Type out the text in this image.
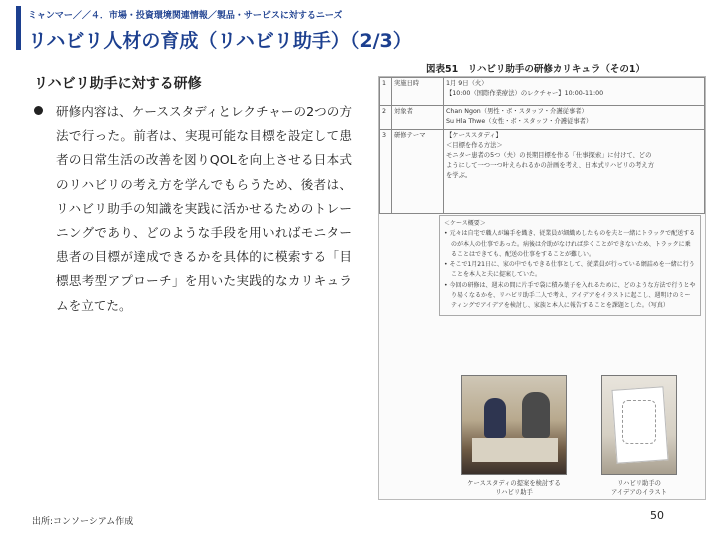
ミャンマー／／４．市場・投資環境関連情報／製品・サービスに対するニーズ
リハビリ人材の育成（リハビリ助手）（2/3）
リハビリ助手に対する研修

研修内容は、ケーススタディとレクチャーの2つの方法で行った。前者は、実現可能な目標を設定して患者の日常生活の改善を図りQOLを向上させる日本式のリハビリの考え方を学んでもらうため、後者は、リハビリ助手の知識を実践に活かせるためのトレーニングであり、どのような手段を用いればモニター患者の目標が達成できるかを具体的に模索する「目標思考型アプローチ」を用いた実践的なカリキュラムを立てた。

図表51　リハビリ助手の研修カリキュラ（その1）
1	実施日時	1月 9日（火）
【10:00（国際作業療法）のレクチャー】10:00-11:00

2	対象者	Chan Ngon（男性・ボ・スタッフ・介護従事者）
Su Hla Thwe（女性・ボ・スタッフ・介護従事者）

3	研修テーマ	【ケーススタディ】
＜目標を作る方法＞
モニター患者の5つ（夫）の長期目標を作る「仕事探索」に付けて、どの
ようにして一つ一つ叶えられるかの計画を考え、日本式リハビリの考え方
を学ぶ。
＜ケース概要＞
• 元々は自宅で職人が編手を織き、従業員が細織めしたものを夫と一緒にトラックで配送するのが本人の仕事であった。病後は介助がなければ歩くことができないため、トラックに乗ることはできても、配送の仕事をすることが難しい。
• そこで1月21日に、家の中でもできる仕事として、従業員が行っている網詰めを一緒に行うことを本人と夫に提案していた。
• 今回の研修は、週末の間に片手で袋に積み葉子を入れるために、どのような方法で行うとやり易くなるかを、リハビリ助手二人で考え、アイデアをイラストに起こし、週明けのミーティングでアイデアを検討し、家族と本人に報告することを課題とした。（写真）
ケーススタディの提案を検討する
リハビリ助手
リハビリ助手の
アイデアのイラスト
出所:コンソーシアム作成	50
